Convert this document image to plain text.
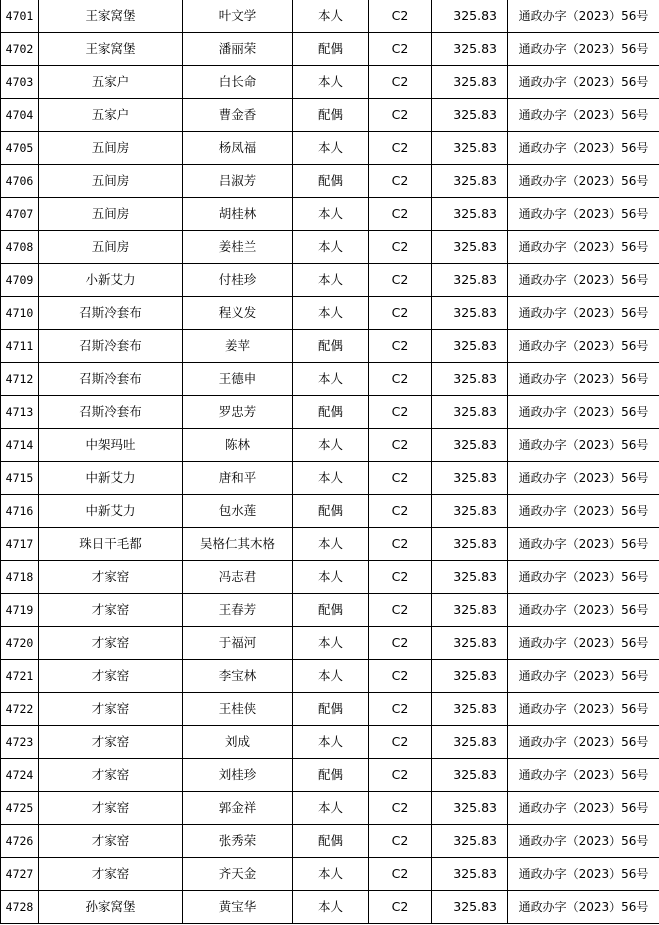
4701	王家窝堡	叶文学	本人	C2	325.83	通政办字（2023）56号
4702	王家窝堡	潘丽荣	配偶	C2	325.83	通政办字（2023）56号
4703	五家户	白长命	本人	C2	325.83	通政办字（2023）56号
4704	五家户	曹金香	配偶	C2	325.83	通政办字（2023）56号
4705	五间房	杨凤福	本人	C2	325.83	通政办字（2023）56号
4706	五间房	吕淑芳	配偶	C2	325.83	通政办字（2023）56号
4707	五间房	胡桂林	本人	C2	325.83	通政办字（2023）56号
4708	五间房	姜桂兰	本人	C2	325.83	通政办字（2023）56号
4709	小新艾力	付桂珍	本人	C2	325.83	通政办字（2023）56号
4710	召斯冷套布	程义发	本人	C2	325.83	通政办字（2023）56号
4711	召斯冷套布	姜苹	配偶	C2	325.83	通政办字（2023）56号
4712	召斯冷套布	王德申	本人	C2	325.83	通政办字（2023）56号
4713	召斯冷套布	罗忠芳	配偶	C2	325.83	通政办字（2023）56号
4714	中架玛吐	陈林	本人	C2	325.83	通政办字（2023）56号
4715	中新艾力	唐和平	本人	C2	325.83	通政办字（2023）56号
4716	中新艾力	包水莲	配偶	C2	325.83	通政办字（2023）56号
4717	珠日干毛都	吴格仁其木格	本人	C2	325.83	通政办字（2023）56号
4718	才家窑	冯志君	本人	C2	325.83	通政办字（2023）56号
4719	才家窑	王春芳	配偶	C2	325.83	通政办字（2023）56号
4720	才家窑	于福河	本人	C2	325.83	通政办字（2023）56号
4721	才家窑	李宝林	本人	C2	325.83	通政办字（2023）56号
4722	才家窑	王桂侠	配偶	C2	325.83	通政办字（2023）56号
4723	才家窑	刘成	本人	C2	325.83	通政办字（2023）56号
4724	才家窑	刘桂珍	配偶	C2	325.83	通政办字（2023）56号
4725	才家窑	郭金祥	本人	C2	325.83	通政办字（2023）56号
4726	才家窑	张秀荣	配偶	C2	325.83	通政办字（2023）56号
4727	才家窑	齐天金	本人	C2	325.83	通政办字（2023）56号
4728	孙家窝堡	黄宝华	本人	C2	325.83	通政办字（2023）56号
